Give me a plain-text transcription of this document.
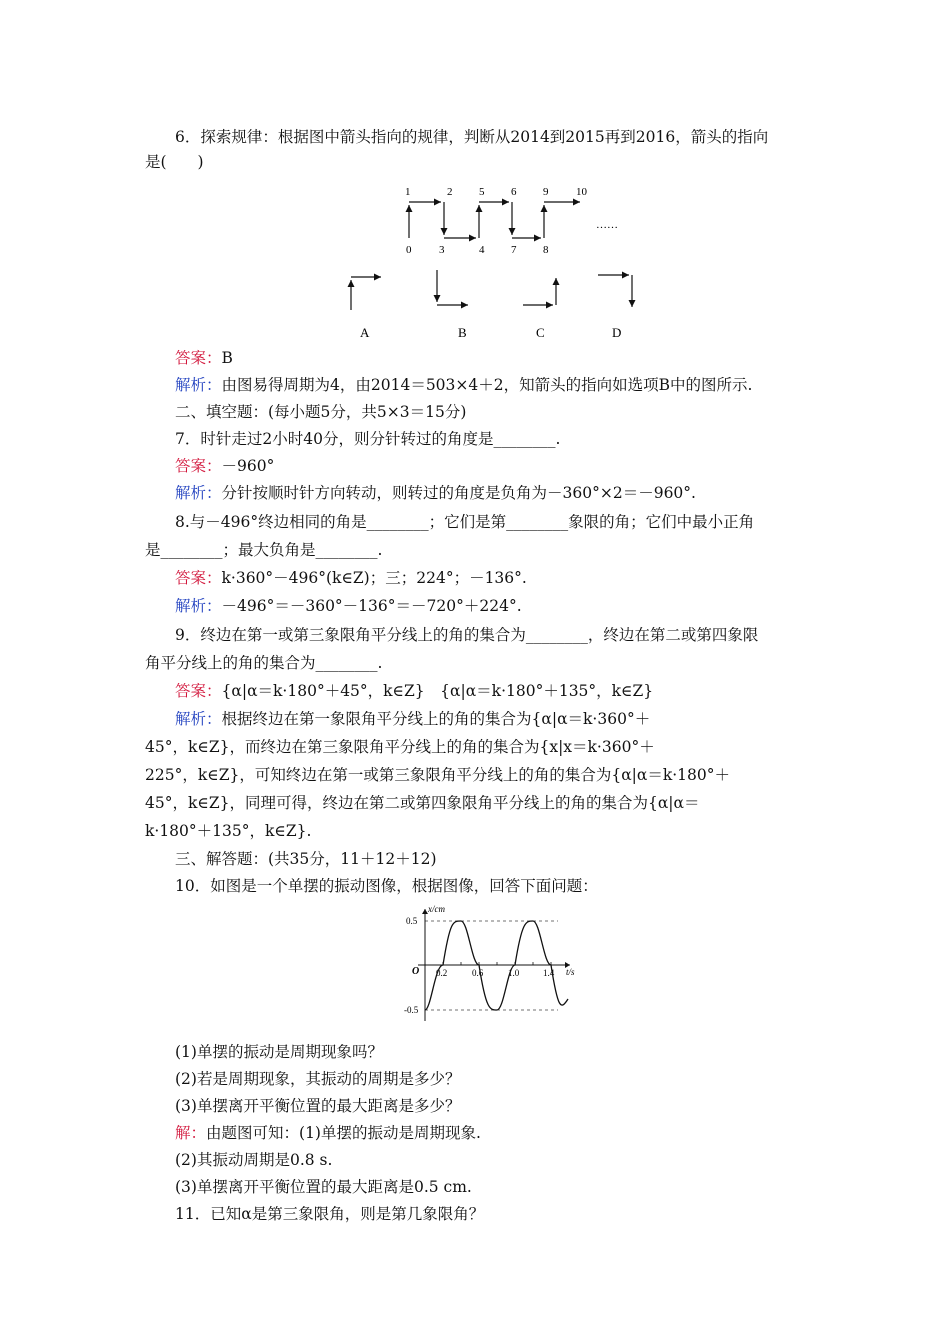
6．探索规律：根据图中箭头指向的规律，判断从2014到2015再到2016，箭头的指向
是(　　)
1	2 5 6 9	10
0	3	4 7 8
……
A	B	C	D
答案：B
解析：由图易得周期为4，由2014＝503×4＋2，知箭头的指向如选项B中的图所示.
二、填空题：(每小题5分，共5×3＝15分)
7．时针走过2小时40分，则分针转过的角度是________.
答案：－960°
解析：分针按顺时针方向转动，则转过的角度是负角为－360°×2＝－960°.
8.与－496°终边相同的角是________；它们是第________象限的角；它们中最小正角
是________；最大负角是________.
答案：k·360°－496°(k∈Z)；三；224°；－136°.
解析：－496°＝－360°－136°＝－720°＋224°.
9．终边在第一或第三象限角平分线上的角的集合为________，终边在第二或第四象限
角平分线上的角的集合为________.
答案：{α|α＝k·180°＋45°，k∈Z}　{α|α＝k·180°＋135°，k∈Z}
解析：根据终边在第一象限角平分线上的角的集合为{α|α＝k·360°＋
45°，k∈Z}，而终边在第三象限角平分线上的角的集合为{x|x＝k·360°＋
225°，k∈Z}，可知终边在第一或第三象限角平分线上的角的集合为{α|α＝k·180°＋
45°，k∈Z}，同理可得，终边在第二或第四象限角平分线上的角的集合为{α|α＝
k·180°＋135°，k∈Z}.
三、解答题：(共35分，11＋12＋12)
10．如图是一个单摆的振动图像，根据图像，回答下面问题：
x/cm
t/s
O
0.5
-0.5
0.2	0.6	1.0	1.4
(1)单摆的振动是周期现象吗？
(2)若是周期现象，其振动的周期是多少？
(3)单摆离开平衡位置的最大距离是多少？
解：由题图可知：(1)单摆的振动是周期现象.
(2)其振动周期是0.8 s.
(3)单摆离开平衡位置的最大距离是0.5 cm.
11．已知α是第三象限角，则是第几象限角？
